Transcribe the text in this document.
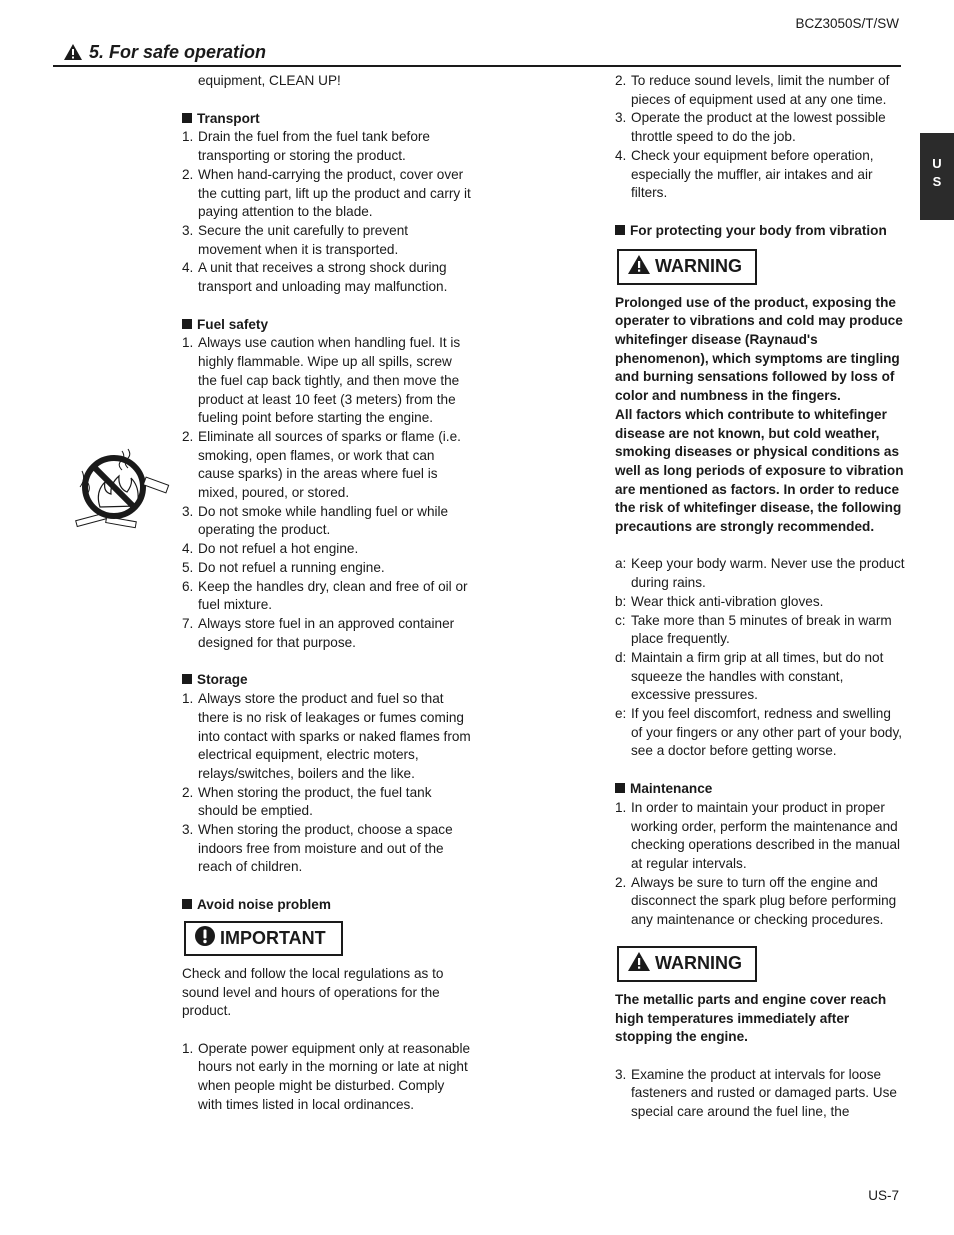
BCZ3050S/T/SW
5. For safe operation
U
S

equipment, CLEAN UP!

Transport
1. Drain the fuel from the fuel tank before transporting or storing the product.
2. When hand-carrying the product, cover over the cutting part, lift up the product and carry it paying attention to the blade.
3. Secure the unit carefully to prevent movement when it is transported.
4. A unit that receives a strong shock during transport and unloading may malfunction.
Fuel safety
1. Always use caution when handling fuel. It is highly flammable. Wipe up all spills, screw the fuel cap back tightly, and then move the product at least 10 feet (3 meters) from the fueling point before starting the engine.
2. Eliminate all sources of sparks or flame (i.e. smoking, open flames, or work that can cause sparks) in the areas where fuel is mixed, poured, or stored.
3. Do not smoke while handling fuel or while operating the product.
4. Do not refuel a hot engine.
5. Do not refuel a running engine.
6. Keep the handles dry, clean and free of oil or fuel mixture.
7. Always store fuel in an approved container designed for that purpose.
Storage
1. Always store the product and fuel so that there is no risk of leakages or fumes coming into contact with sparks or naked flames from electrical equipment, electric moters, relays/switches, boilers and the like.
2. When storing the product, the fuel tank should be emptied.
3. When storing the product, choose a space indoors free from moisture and out of the reach of children.
Avoid noise problem
IMPORTANT

Check and follow the local regulations as to sound level and hours of operations for the product.

1. Operate power equipment only at reasonable hours not early in the morning or late at night when people might be disturbed. Comply with times listed in local ordinances.
2. To reduce sound levels, limit the number of pieces of equipment used at any one time.
3. Operate the product at the lowest possible throttle speed to do the job.
4. Check your equipment before operation, especially the muffler, air intakes and air filters.
For protecting your body from vibration
WARNING

Prolonged use of the product, exposing the operater to vibrations and cold may produce whitefinger disease (Raynaud's phenomenon), which symptoms are tingling and burning sensations followed by loss of color and numbness in the fingers.

All factors which contribute to whitefinger disease are not known, but cold weather, smoking diseases or physical conditions as well as long periods of exposure to vibration are mentioned as factors. In order to reduce the risk of whitefinger disease, the following precautions are strongly recommended.

a: Keep your body warm. Never use the product during rains.
b: Wear thick anti-vibration gloves.
c: Take more than 5 minutes of break in warm place frequently.
d: Maintain a firm grip at all times, but do not squeeze the handles with constant, excessive pressures.
e: If you feel discomfort, redness and swelling of your fingers or any other part of your body, see a doctor before getting worse.
Maintenance
1. In order to maintain your product in proper working order, perform the maintenance and checking operations described in the manual at regular intervals.
2. Always be sure to turn off the engine and disconnect the spark plug before performing any maintenance or checking procedures.
WARNING

The metallic parts and engine cover reach high temperatures immediately after stopping the engine.

3. Examine the product at intervals for loose fasteners and rusted or damaged parts. Use special care around the fuel line, the
US-7
